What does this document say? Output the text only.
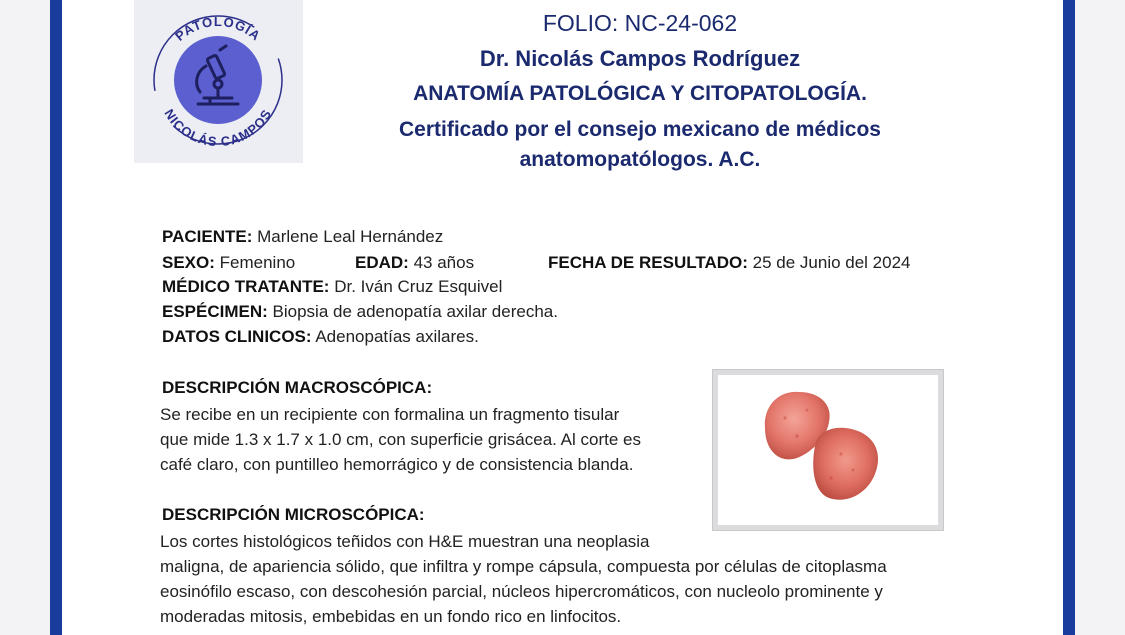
PATOLOGÍA
NICOLÁS CAMPOS
FOLIO: NC-24-062
Dr. Nicolás Campos Rodríguez
ANATOMÍA PATOLÓGICA Y CITOPATOLOGÍA.
Certificado por el consejo mexicano de médicos
anatomopatólogos. A.C.
PACIENTE: Marlene Leal Hernández
SEXO: Femenino	EDAD: 43 años	FECHA DE RESULTADO: 25 de Junio del 2024
MÉDICO TRATANTE: Dr. Iván Cruz Esquivel
ESPÉCIMEN: Biopsia de adenopatía axilar derecha.
DATOS CLINICOS: Adenopatías axilares.
DESCRIPCIÓN MACROSCÓPICA:
Se recibe en un recipiente con formalina un fragmento tisular
que mide 1.3 x 1.7 x 1.0 cm, con superficie grisácea. Al corte es
café claro, con puntilleo hemorrágico y de consistencia blanda.
DESCRIPCIÓN MICROSCÓPICA:
Los cortes histológicos teñidos con H&E muestran una neoplasia
maligna, de apariencia sólido, que infiltra y rompe cápsula, compuesta por células de citoplasma
eosinófilo escaso, con descohesión parcial, núcleos hipercromáticos, con nucleolo prominente y
moderadas mitosis, embebidas en un fondo rico en linfocitos.
